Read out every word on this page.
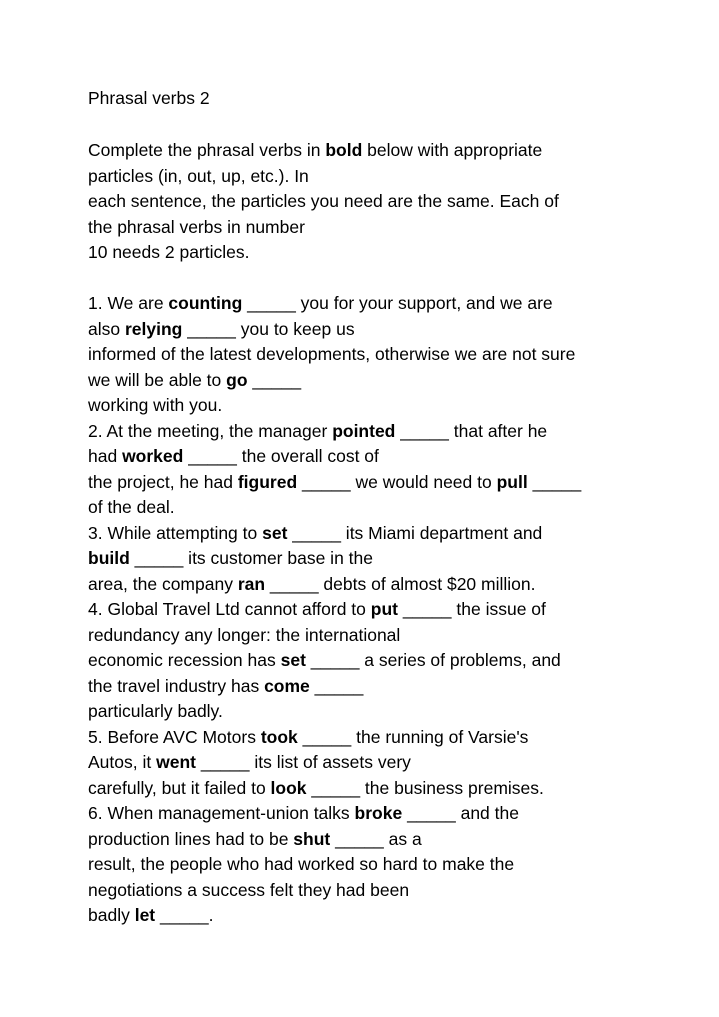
Phrasal verbs 2
Complete the phrasal verbs in bold below with appropriate
particles (in, out, up, etc.). In
each sentence, the particles you need are the same. Each of
the phrasal verbs in number
10 needs 2 particles.
1. We are counting _____ you for your support, and we are
also relying _____ you to keep us
informed of the latest developments, otherwise we are not sure
we will be able to go _____
working with you.
2. At the meeting, the manager pointed _____ that after he
had worked _____ the overall cost of
the project, he had figured _____ we would need to pull _____
of the deal.
3. While attempting to set _____ its Miami department and
build _____ its customer base in the
area, the company ran _____ debts of almost $20 million.
4. Global Travel Ltd cannot afford to put _____ the issue of
redundancy any longer: the international
economic recession has set _____ a series of problems, and
the travel industry has come _____
particularly badly.
5. Before AVC Motors took _____ the running of Varsie's
Autos, it went _____ its list of assets very
carefully, but it failed to look _____ the business premises.
6. When management-union talks broke _____ and the
production lines had to be shut _____ as a
result, the people who had worked so hard to make the
negotiations a success felt they had been
badly let _____.
